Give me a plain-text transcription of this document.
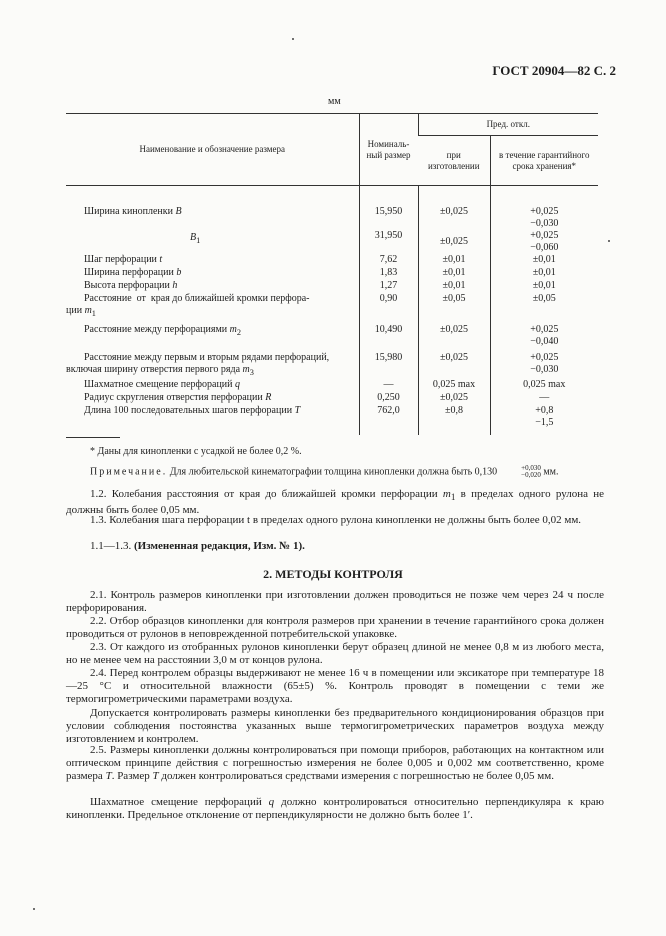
ГОСТ 20904—82 С. 2
мм
Наименование и обозначение размера	Номиналь-ный размер	Пред. откл.	
		при изготовлении	в течение гарантийного срока хранения*

Ширина кинопленки B	15,950	±0,025	+0,025
−0,030
$B_1$	31,950	±0,025	+0,025
−0,060
Шаг перфорации t	7,62	±0,01	±0,01
Ширина перфорации b	1,83	±0,01	±0,01
Высота перфорации h	1,27	±0,01	±0,01
Расстояние  от  края до ближайшей кромки перфора-
ции $m_1$	0,90	±0,05	±0,05
Расстояние между перфорациями $m_2$	10,490	±0,025	+0,025
−0,040
Расстояние между первым и вторым рядами перфораций,
включая ширину отверстия первого ряда $m_3$	15,980	±0,025	+0,025
−0,030
Шахматное смещение перфораций q	—	0,025 max	0,025 max
Радиус скругления отверстия перфорации R	0,250	±0,025	—
Длина 100 последовательных шагов перфорации T	762,0	±0,8	+0,8
−1,5
* Даны для кинопленки с усадкой не более 0,2 %.
Примечание. Для любительской кинематографии толщина кинопленки должна быть 0,130	+0,030
−0,020 мм.
1.2. Колебания расстояния от края до ближайшей кромки перфорации $m_1$ в пределах одного рулона не должны быть более 0,05 мм.
1.3. Колебания шага перфорации t в пределах одного рулона кинопленки не должны быть более 0,02 мм.
1.1—1.3. (Измененная редакция, Изм. № 1).
2. МЕТОДЫ КОНТРОЛЯ
2.1. Контроль размеров кинопленки при изготовлении должен проводиться не позже чем через 24 ч после перфорирования.
2.2. Отбор образцов кинопленки для контроля размеров при хранении в течение гарантийного срока должен проводиться от рулонов в неповрежденной потребительской упаковке.
2.3. От каждого из отобранных рулонов кинопленки берут образец длиной не менее 0,8 м из любого места, но не менее чем на расстоянии 3,0 м от концов рулона.
2.4. Перед контролем образцы выдерживают не менее 16 ч в помещении или эксикаторе при температуре 18—25 °С и относительной влажности (65±5) %. Контроль проводят в помещении с теми же термогигрометрическими параметрами воздуха.
Допускается контролировать размеры кинопленки без предварительного кондиционирования образцов при условии соблюдения постоянства указанных выше термогигрометрических параметров воздуха между изготовлением и контролем.
2.5. Размеры кинопленки должны контролироваться при помощи приборов, работающих на контактном или оптическом принципе действия с погрешностью измерения не более 0,005 и 0,002 мм соответственно, кроме размера T. Размер T должен контролироваться средствами измерения с погрешностью не более 0,05 мм.
Шахматное смещение перфораций q должно контролироваться относительно перпендикуляра к краю кинопленки. Предельное отклонение от перпендикулярности не должно быть более 1′.
